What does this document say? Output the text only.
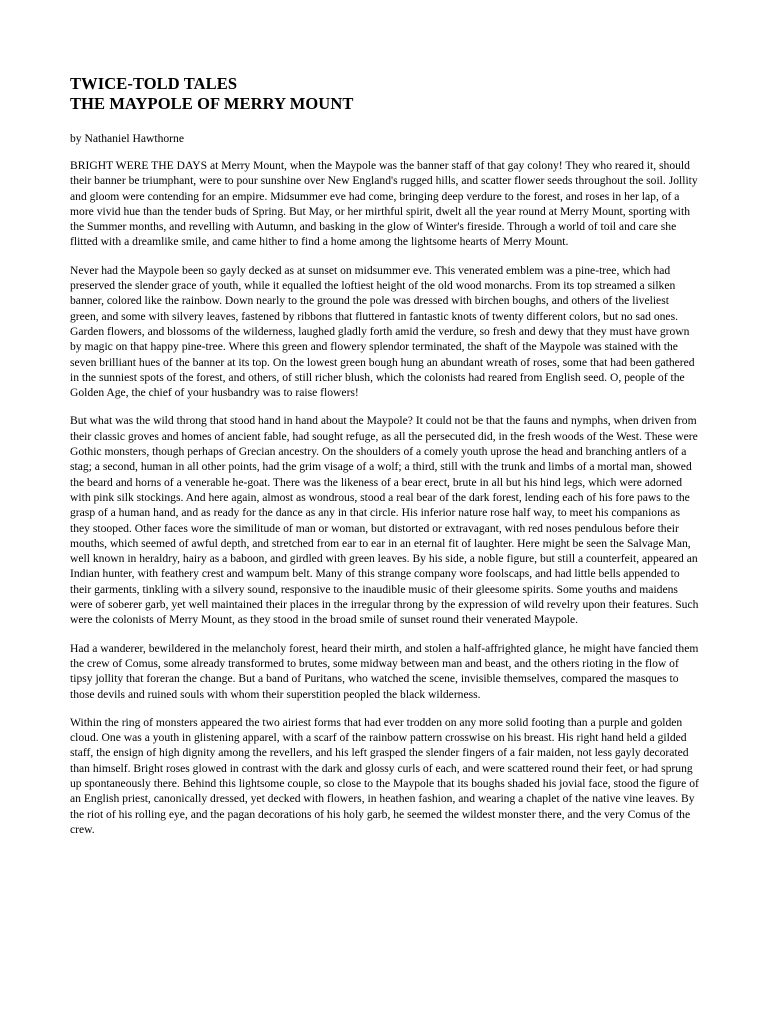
TWICE-TOLD TALES
THE MAYPOLE OF MERRY MOUNT
by Nathaniel Hawthorne

BRIGHT WERE THE DAYS at Merry Mount, when the Maypole was the banner staff of that gay colony! They who reared it, should their banner be triumphant, were to pour sunshine over New England's rugged hills, and scatter flower seeds throughout the soil. Jollity and gloom were contending for an empire. Midsummer eve had come, bringing deep verdure to the forest, and roses in her lap, of a more vivid hue than the tender buds of Spring. But May, or her mirthful spirit, dwelt all the year round at Merry Mount, sporting with the Summer months, and revelling with Autumn, and basking in the glow of Winter's fireside. Through a world of toil and care she flitted with a dreamlike smile, and came hither to find a home among the lightsome hearts of Merry Mount.

Never had the Maypole been so gayly decked as at sunset on midsummer eve. This venerated emblem was a pine-tree, which had preserved the slender grace of youth, while it equalled the loftiest height of the old wood monarchs. From its top streamed a silken banner, colored like the rainbow. Down nearly to the ground the pole was dressed with birchen boughs, and others of the liveliest green, and some with silvery leaves, fastened by ribbons that fluttered in fantastic knots of twenty different colors, but no sad ones. Garden flowers, and blossoms of the wilderness, laughed gladly forth amid the verdure, so fresh and dewy that they must have grown by magic on that happy pine-tree. Where this green and flowery splendor terminated, the shaft of the Maypole was stained with the seven brilliant hues of the banner at its top. On the lowest green bough hung an abundant wreath of roses, some that had been gathered in the sunniest spots of the forest, and others, of still richer blush, which the colonists had reared from English seed. O, people of the Golden Age, the chief of your husbandry was to raise flowers!

But what was the wild throng that stood hand in hand about the Maypole? It could not be that the fauns and nymphs, when driven from their classic groves and homes of ancient fable, had sought refuge, as all the persecuted did, in the fresh woods of the West. These were Gothic monsters, though perhaps of Grecian ancestry. On the shoulders of a comely youth uprose the head and branching antlers of a stag; a second, human in all other points, had the grim visage of a wolf; a third, still with the trunk and limbs of a mortal man, showed the beard and horns of a venerable he-goat. There was the likeness of a bear erect, brute in all but his hind legs, which were adorned with pink silk stockings. And here again, almost as wondrous, stood a real bear of the dark forest, lending each of his fore paws to the grasp of a human hand, and as ready for the dance as any in that circle. His inferior nature rose half way, to meet his companions as they stooped. Other faces wore the similitude of man or woman, but distorted or extravagant, with red noses pendulous before their mouths, which seemed of awful depth, and stretched from ear to ear in an eternal fit of laughter. Here might be seen the Salvage Man, well known in heraldry, hairy as a baboon, and girdled with green leaves. By his side, a noble figure, but still a counterfeit, appeared an Indian hunter, with feathery crest and wampum belt. Many of this strange company wore foolscaps, and had little bells appended to their garments, tinkling with a silvery sound, responsive to the inaudible music of their gleesome spirits. Some youths and maidens were of soberer garb, yet well maintained their places in the irregular throng by the expression of wild revelry upon their features. Such were the colonists of Merry Mount, as they stood in the broad smile of sunset round their venerated Maypole.

Had a wanderer, bewildered in the melancholy forest, heard their mirth, and stolen a half-affrighted glance, he might have fancied them the crew of Comus, some already transformed to brutes, some midway between man and beast, and the others rioting in the flow of tipsy jollity that foreran the change. But a band of Puritans, who watched the scene, invisible themselves, compared the masques to those devils and ruined souls with whom their superstition peopled the black wilderness.

Within the ring of monsters appeared the two airiest forms that had ever trodden on any more solid footing than a purple and golden cloud. One was a youth in glistening apparel, with a scarf of the rainbow pattern crosswise on his breast. His right hand held a gilded staff, the ensign of high dignity among the revellers, and his left grasped the slender fingers of a fair maiden, not less gayly decorated than himself. Bright roses glowed in contrast with the dark and glossy curls of each, and were scattered round their feet, or had sprung up spontaneously there. Behind this lightsome couple, so close to the Maypole that its boughs shaded his jovial face, stood the figure of an English priest, canonically dressed, yet decked with flowers, in heathen fashion, and wearing a chaplet of the native vine leaves. By the riot of his rolling eye, and the pagan decorations of his holy garb, he seemed the wildest monster there, and the very Comus of the crew.
